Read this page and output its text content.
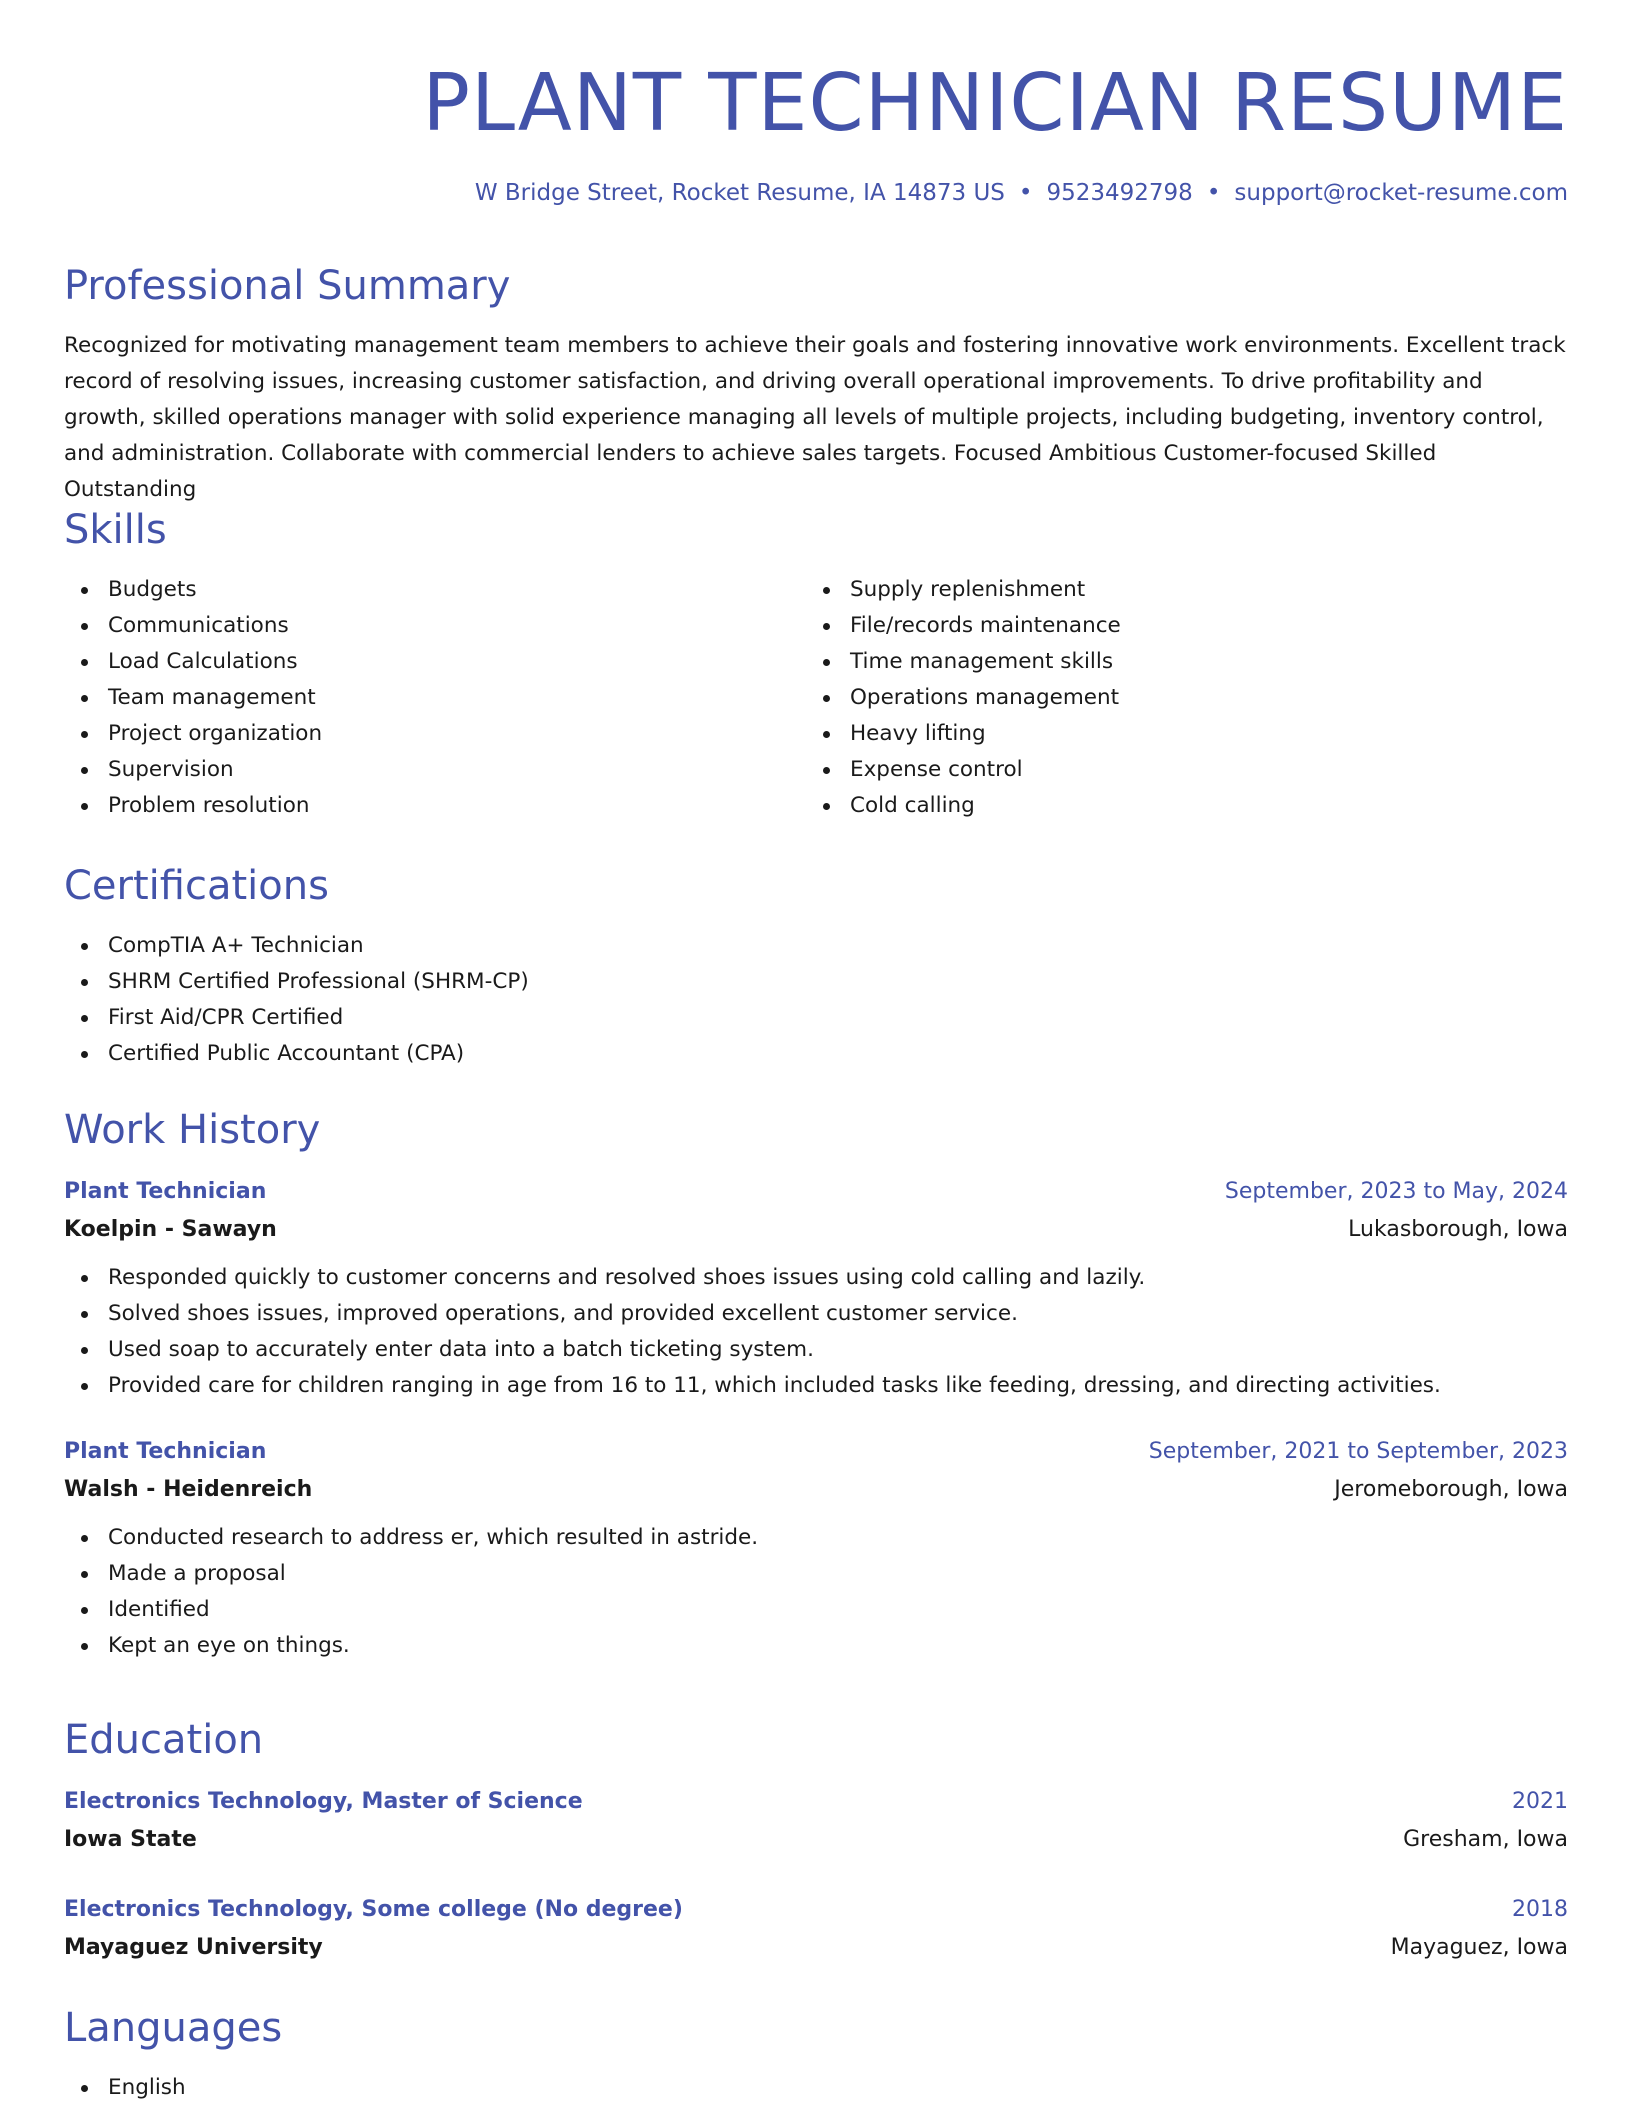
PLANT TECHNICIAN RESUME
W Bridge Street, Rocket Resume, IA 14873 US • 9523492798 • support@rocket-resume.com
Professional Summary

Recognized for motivating management team members to achieve their goals and fostering innovative work environments. Excellent track record of resolving issues, increasing customer satisfaction, and driving overall operational improvements. To drive profitability and growth, skilled operations manager with solid experience managing all levels of multiple projects, including budgeting, inventory control, and administration. Collaborate with commercial lenders to achieve sales targets. Focused Ambitious Customer-focused Skilled Outstanding

Skills
Budgets
Communications
Load Calculations
Team management
Project organization
Supervision
Problem resolution
Supply replenishment
File/records maintenance
Time management skills
Operations management
Heavy lifting
Expense control
Cold calling
Certifications
CompTIA A+ Technician
SHRM Certified Professional (SHRM-CP)
First Aid/CPR Certified
Certified Public Accountant (CPA)
Work History
Plant Technician	September, 2023 to May, 2024
Koelpin - Sawayn	Lukasborough, Iowa
Responded quickly to customer concerns and resolved shoes issues using cold calling and lazily.
Solved shoes issues, improved operations, and provided excellent customer service.
Used soap to accurately enter data into a batch ticketing system.
Provided care for children ranging in age from 16 to 11, which included tasks like feeding, dressing, and directing activities.
Plant Technician	September, 2021 to September, 2023
Walsh - Heidenreich	Jeromeborough, Iowa
Conducted research to address er, which resulted in astride.
Made a proposal
Identified
Kept an eye on things.
Education
Electronics Technology, Master of Science	2021
Iowa State	Gresham, Iowa
Electronics Technology, Some college (No degree)	2018
Mayaguez University	Mayaguez, Iowa
Languages
English
